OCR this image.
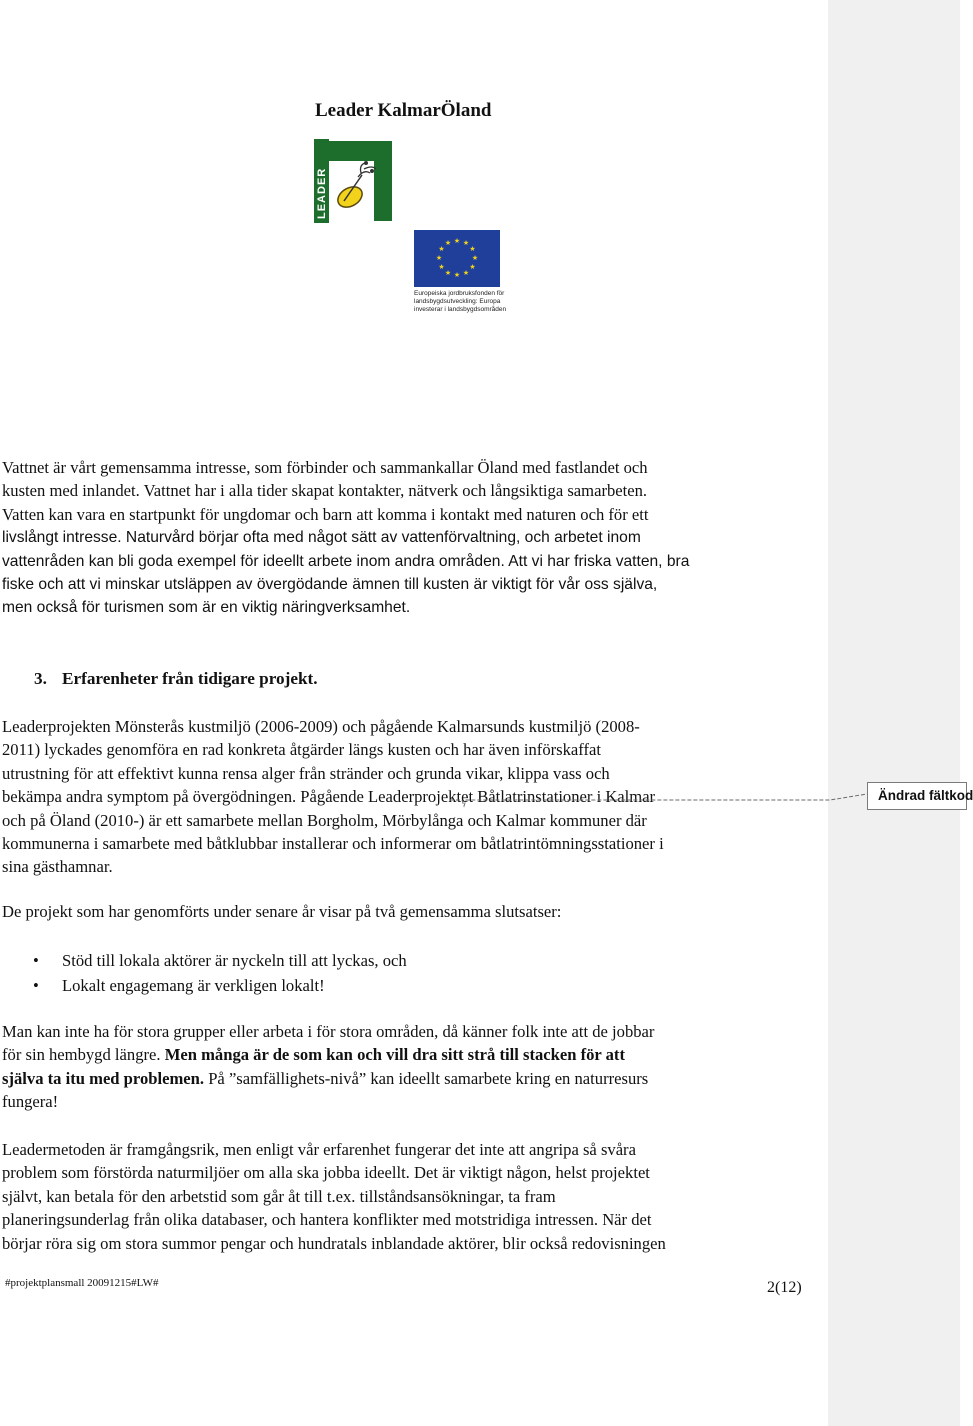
Leader KalmarÖland
LEADER
★ ★
★
★
★
★
★
★
★
★
★
★
Europeiska jordbruksfonden för
landsbygdsutveckling: Europa
investerar i landsbygdsområden
Vattnet är vårt gemensamma intresse, som förbinder och sammankallar Öland med fastlandet och
kusten med inlandet. Vattnet har i alla tider skapat kontakter, nätverk och långsiktiga samarbeten.
Vatten kan vara en startpunkt för ungdomar och barn att komma i kontakt med naturen och för ett
livslångt intresse. Naturvård börjar ofta med något sätt av vattenförvaltning, och arbetet inom
vattenråden kan bli goda exempel för ideellt arbete inom andra områden. Att vi har friska vatten, bra
fiske och att vi minskar utsläppen av övergödande ämnen till kusten är viktigt för vår oss själva,
men också för turismen som är en viktig näringverksamhet.
3. Erfarenheter från tidigare projekt.
Leaderprojekten Mönsterås kustmiljö (2006-2009) och pågående Kalmarsunds kustmiljö (2008-
2011) lyckades genomföra en rad konkreta åtgärder längs kusten och har även införskaffat
utrustning för att effektivt kunna rensa alger från stränder och grunda vikar, klippa vass och
bekämpa andra symptom på övergödningen. Pågående Leaderprojektet Båtlatrinstationer i Kalmar
och på Öland (2010-) är ett samarbete mellan Borgholm, Mörbylånga och Kalmar kommuner där
kommunerna i samarbete med båtklubbar installerar och informerar om båtlatrintömningsstationer i
sina gästhamnar.
De projekt som har genomförts under senare år visar på två gemensamma slutsatser:
• Stöd till lokala aktörer är nyckeln till att lyckas, och
• Lokalt engagemang är verkligen lokalt!
Man kan inte ha för stora grupper eller arbeta i för stora områden, då känner folk inte att de jobbar
för sin hembygd längre. Men många är de som kan och vill dra sitt strå till stacken för att
själva ta itu med problemen. På ”samfällighets-nivå” kan ideellt samarbete kring en naturresurs
fungera!
Leadermetoden är framgångsrik, men enligt vår erfarenhet fungerar det inte att angripa så svåra
problem som förstörda naturmiljöer om alla ska jobba ideellt. Det är viktigt någon, helst projektet
självt, kan betala för den arbetstid som går åt till t.ex. tillståndsansökningar, ta fram
planeringsunderlag från olika databaser, och hantera konflikter med motstridiga intressen. När det
börjar röra sig om stora summor pengar och hundratals inblandade aktörer, blir också redovisningen
#projektplansmall 20091215#LW#	2(12)
Ändrad fältkod
